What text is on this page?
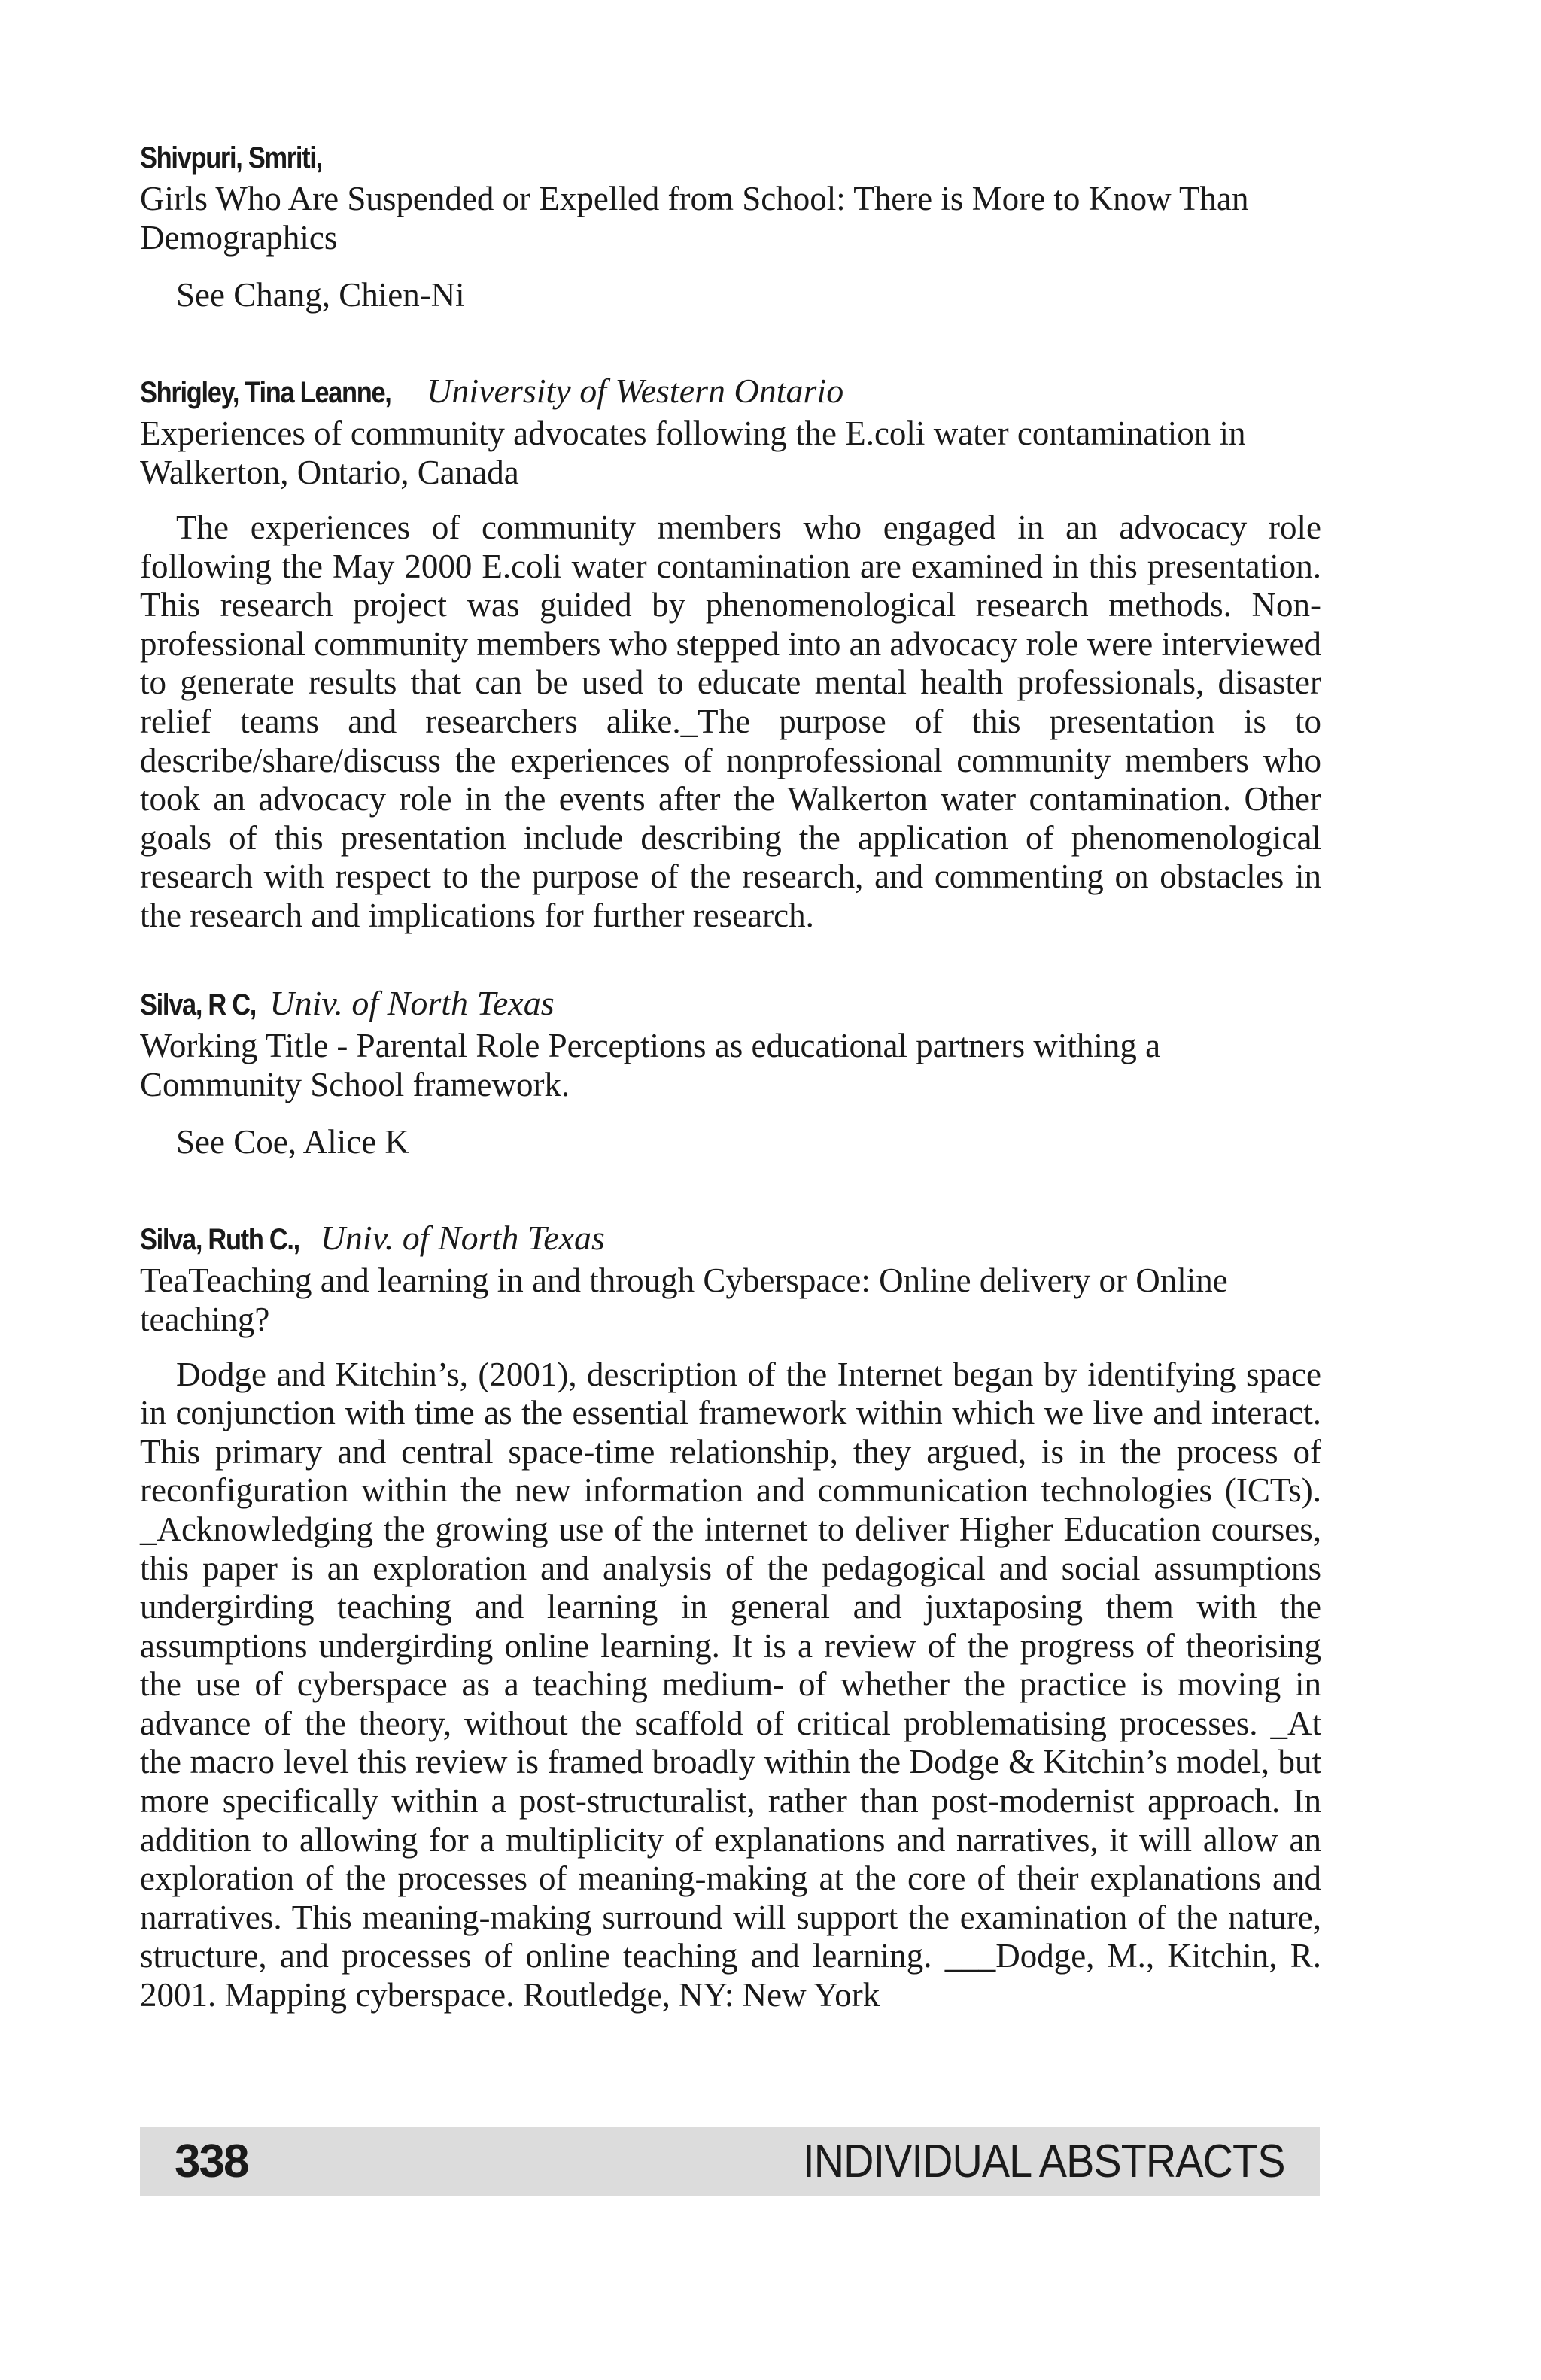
Shivpuri, Smriti,

Girls Who Are Suspended or Expelled from School: There is More to Know Than Demographics

See Chang, Chien-Ni

Shrigley, Tina Leanne, University of Western Ontario

Experiences of community advocates following the E.coli water contamination in Walkerton, Ontario, Canada

The experiences of community members who engaged in an advocacy role following the May 2000 E.coli water contamination are examined in this presentation. This research project was guided by phenomenological research methods. Non-professional community members who stepped into an advocacy role were interviewed to generate results that can be used to educate mental health professionals, disaster relief teams and researchers alike._The purpose of this presentation is to describe/share/discuss the experiences of nonprofessional community members who took an advocacy role in the events after the Walkerton water contamination. Other goals of this presentation include describing the application of phenomenological research with respect to the purpose of the research, and commenting on obstacles in the research and implications for further research.

Silva, R C, Univ. of North Texas

Working Title - Parental Role Perceptions as educational partners withing a Community School framework.

See Coe, Alice K

Silva, Ruth C., Univ. of North Texas

TeaTeaching and learning in and through Cyberspace: Online delivery or Online teaching?

Dodge and Kitchin’s, (2001), description of the Internet began by identifying space in conjunction with time as the essential framework within which we live and interact. This primary and central space-time relationship, they argued, is in the process of reconfiguration within the new information and communication technologies (ICTs). _Acknowledging the growing use of the internet to deliver Higher Education courses, this paper is an exploration and analysis of the pedagogical and social assumptions undergirding teaching and learning in general and juxtaposing them with the assumptions undergirding online learning. It is a review of the progress of theorising the use of cyberspace as a teaching medium- of whether the practice is moving in advance of the theory, without the scaffold of critical problematising processes. _At the macro level this review is framed broadly within the Dodge & Kitchin’s model, but more specifically within a post-structuralist, rather than post-modernist approach. In addition to allowing for a multiplicity of explanations and narratives, it will allow an exploration of the processes of meaning-making at the core of their explanations and narratives. This meaning-making surround will support the examination of the nature, structure, and processes of online teaching and learning. ___Dodge, M., Kitchin, R. 2001. Mapping cyberspace. Routledge, NY: New York

338	INDIVIDUAL ABSTRACTS
